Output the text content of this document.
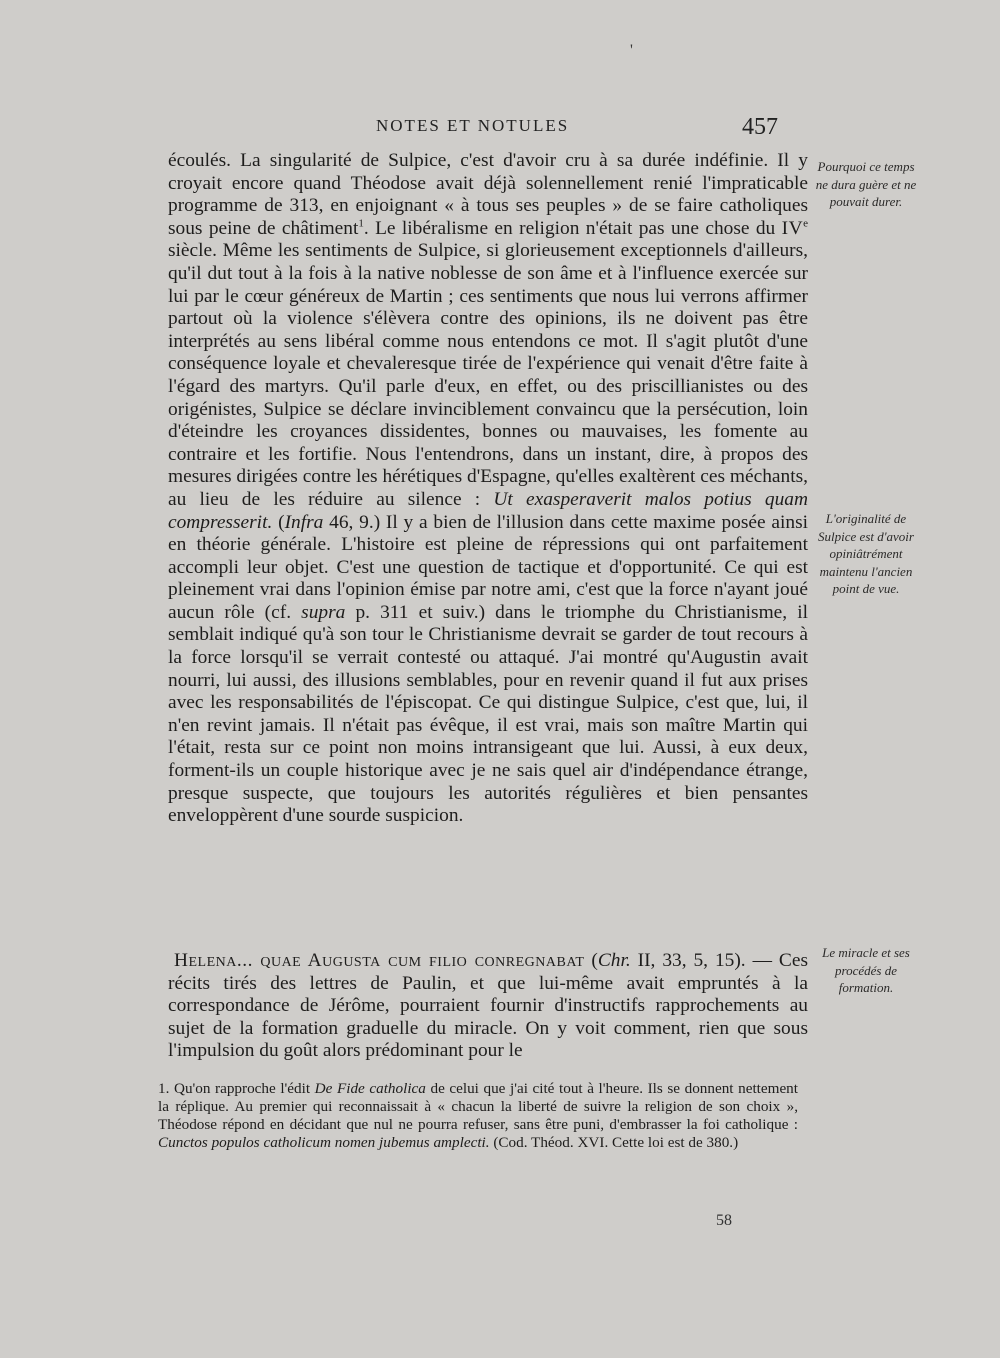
'
NOTES ET NOTULES	457

écoulés. La singularité de Sulpice, c'est d'avoir cru à sa durée indéfinie. Il y croyait encore quand Théodose avait déjà solennellement renié l'impraticable programme de 313, en enjoignant « à tous ses peuples » de se faire catholiques sous peine de châtiment$^1$. Le libéralisme en religion n'était pas une chose du IVe siècle. Même les sentiments de Sulpice, si glorieusement exceptionnels d'ailleurs, qu'il dut tout à la fois à la native noblesse de son âme et à l'influence exercée sur lui par le cœur généreux de Martin ; ces sentiments que nous lui verrons affirmer partout où la violence s'élèvera contre des opinions, ils ne doivent pas être interprétés au sens libéral comme nous entendons ce mot. Il s'agit plutôt d'une conséquence loyale et chevaleresque tirée de l'expérience qui venait d'être faite à l'égard des martyrs. Qu'il parle d'eux, en effet, ou des priscillianistes ou des origénistes, Sulpice se déclare invinciblement convaincu que la persécution, loin d'éteindre les croyances dissidentes, bonnes ou mauvaises, les fomente au contraire et les fortifie. Nous l'entendrons, dans un instant, dire, à propos des mesures dirigées contre les hérétiques d'Espagne, qu'elles exaltèrent ces méchants, au lieu de les réduire au silence : Ut exasperaverit malos potius quam compresserit. (Infra 46, 9.) Il y a bien de l'illusion dans cette maxime posée ainsi en théorie générale. L'histoire est pleine de répressions qui ont parfaitement accompli leur objet. C'est une question de tactique et d'opportunité. Ce qui est pleinement vrai dans l'opinion émise par notre ami, c'est que la force n'ayant joué aucun rôle (cf. supra p. 311 et suiv.) dans le triomphe du Christianisme, il semblait indiqué qu'à son tour le Christianisme devrait se garder de tout recours à la force lorsqu'il se verrait contesté ou attaqué. J'ai montré qu'Augustin avait nourri, lui aussi, des illusions semblables, pour en revenir quand il fut aux prises avec les responsabilités de l'épiscopat. Ce qui distingue Sulpice, c'est que, lui, il n'en revint jamais. Il n'était pas évêque, il est vrai, mais son maître Martin qui l'était, resta sur ce point non moins intransigeant que lui. Aussi, à eux deux, forment-ils un couple historique avec je ne sais quel air d'indépendance étrange, presque suspecte, que toujours les autorités régulières et bien pensantes enveloppèrent d'une sourde suspicion.

Helena... quae Augusta cum filio conregnabat (Chr. II, 33, 5, 15). — Ces récits tirés des lettres de Paulin, et que lui-même avait empruntés à la correspondance de Jérôme, pourraient fournir d'instructifs rapprochements au sujet de la formation graduelle du miracle. On y voit comment, rien que sous l'impulsion du goût alors prédominant pour le

Pourquoi ce temps ne dura guère et ne pouvait durer.
L'originalité de Sulpice est d'avoir opiniâtrément maintenu l'ancien point de vue.
Le miracle et ses procédés de formation.

1. Qu'on rapproche l'édit De Fide catholica de celui que j'ai cité tout à l'heure. Ils se donnent nettement la réplique. Au premier qui reconnaissait à « chacun la liberté de suivre la religion de son choix », Théodose répond en décidant que nul ne pourra refuser, sans être puni, d'embrasser la foi catholique : Cunctos populos catholicum nomen jubemus amplecti. (Cod. Théod. XVI. Cette loi est de 380.)

58
